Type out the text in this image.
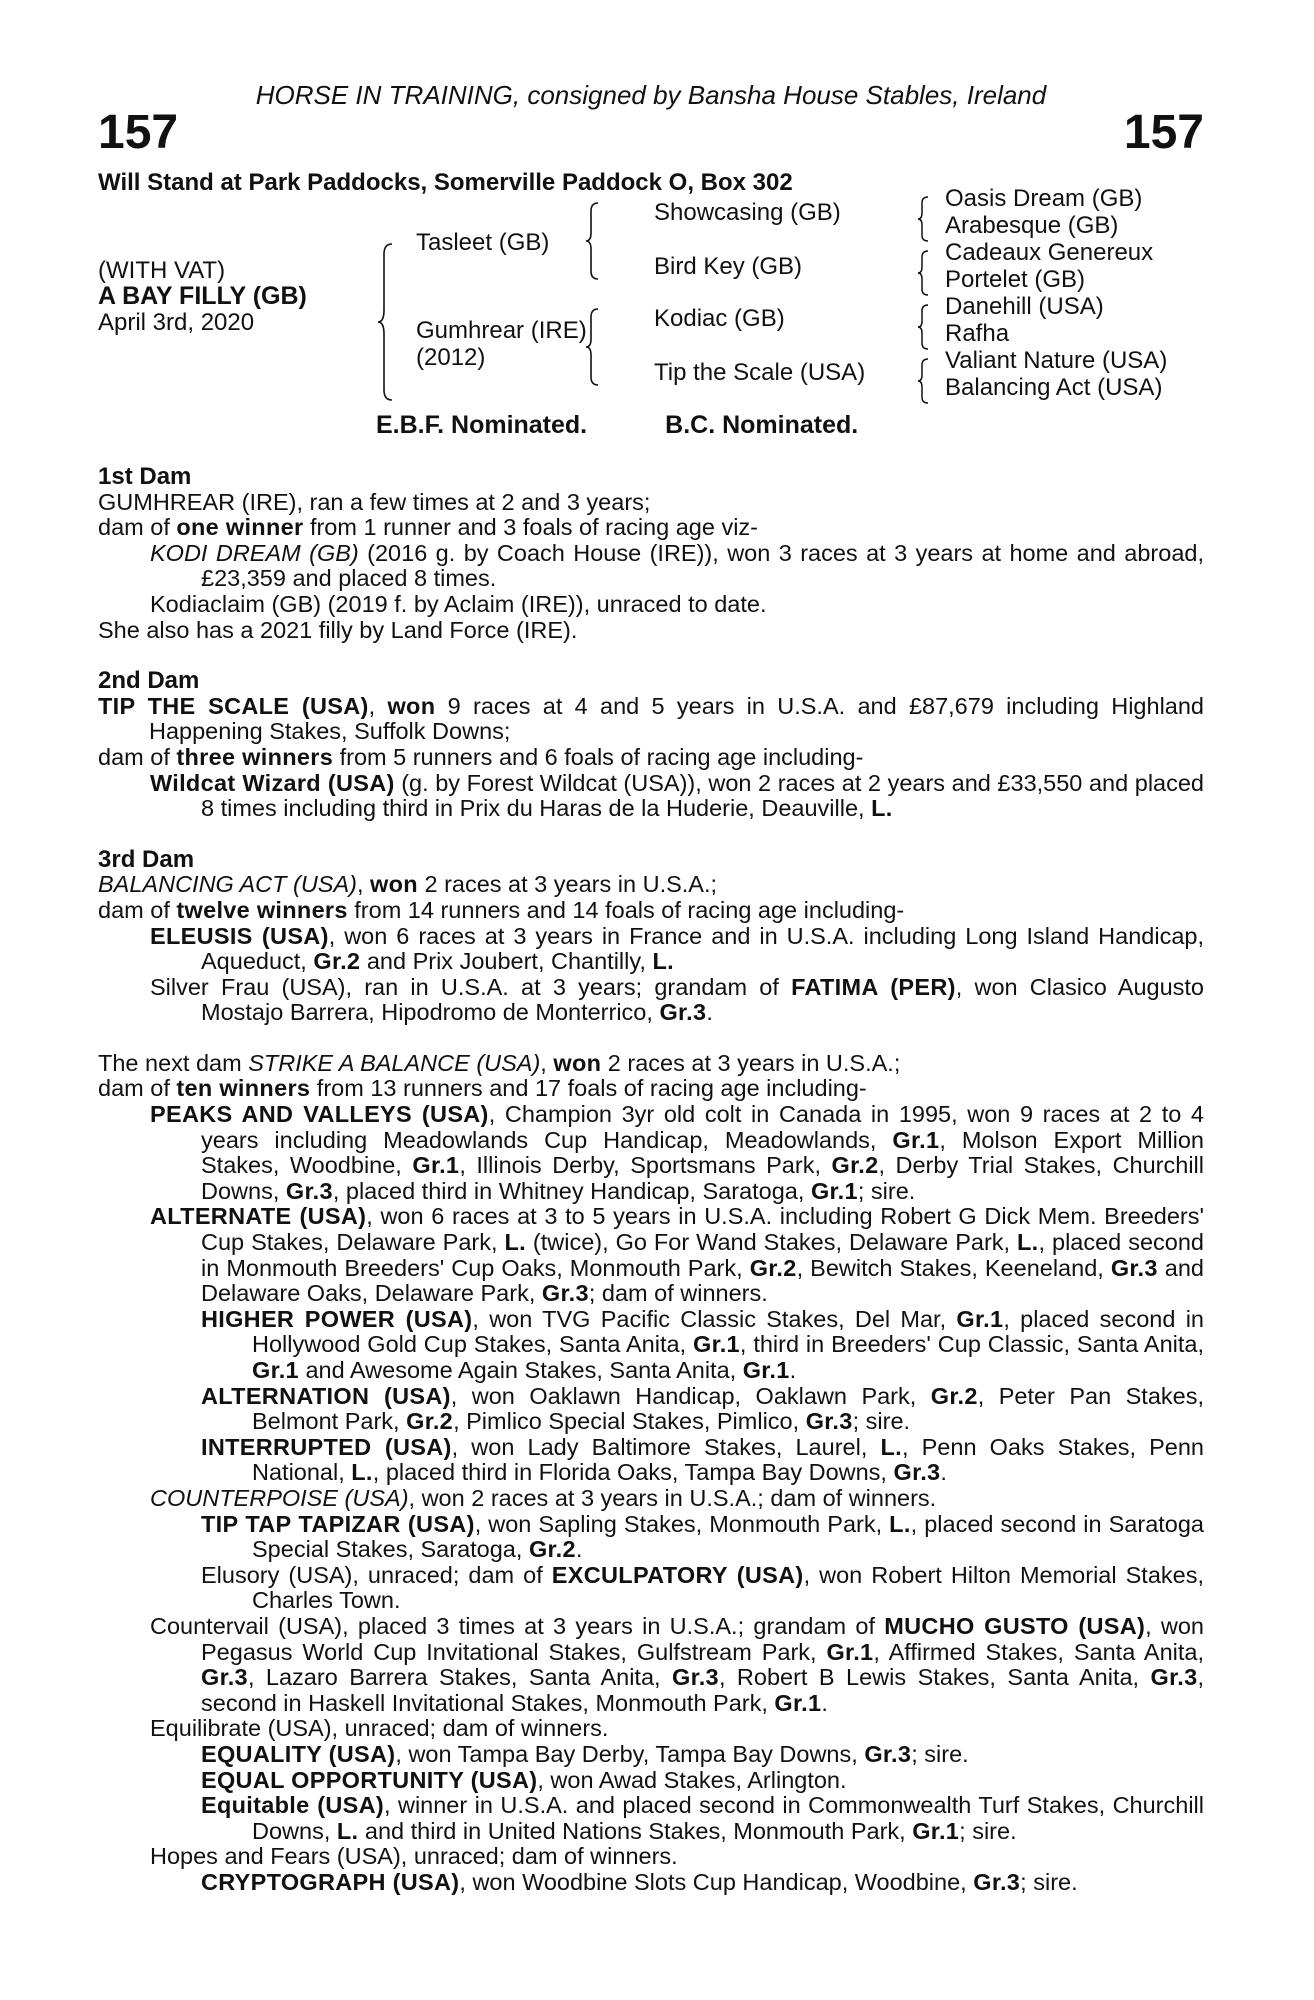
HORSE IN TRAINING, consigned by Bansha House Stables, Ireland
157	157
Will Stand at Park Paddocks, Somerville Paddock O, Box 302
(WITH VAT)
A BAY FILLY (GB)
April 3rd, 2020
Tasleet (GB)
Gumhrear (IRE)
(2012)
Showcasing (GB)
Bird Key (GB)
Kodiac (GB)
Tip the Scale (USA)
Oasis Dream (GB)
Arabesque (GB)
Cadeaux Genereux
Portelet (GB)
Danehill (USA)
Rafha
Valiant Nature (USA)
Balancing Act (USA)
E.B.F. Nominated.	B.C. Nominated.
1st Dam

GUMHREAR (IRE), ran a few times at 2 and 3 years;

dam of one winner from 1 runner and 3 foals of racing age viz-

KODI DREAM (GB) (2016 g. by Coach House (IRE)), won 3 races at 3 years at home and abroad, £23,359 and placed 8 times.

Kodiaclaim (GB) (2019 f. by Aclaim (IRE)), unraced to date.

She also has a 2021 filly by Land Force (IRE).

2nd Dam

TIP THE SCALE (USA), won 9 races at 4 and 5 years in U.S.A. and £87,679 including Highland Happening Stakes, Suffolk Downs;

dam of three winners from 5 runners and 6 foals of racing age including-

Wildcat Wizard (USA) (g. by Forest Wildcat (USA)), won 2 races at 2 years and £33,550 and placed 8 times including third in Prix du Haras de la Huderie, Deauville, L.

3rd Dam

BALANCING ACT (USA), won 2 races at 3 years in U.S.A.;

dam of twelve winners from 14 runners and 14 foals of racing age including-

ELEUSIS (USA), won 6 races at 3 years in France and in U.S.A. including Long Island Handicap, Aqueduct, Gr.2 and Prix Joubert, Chantilly, L.

Silver Frau (USA), ran in U.S.A. at 3 years; grandam of FATIMA (PER), won Clasico Augusto Mostajo Barrera, Hipodromo de Monterrico, Gr.3.

The next dam STRIKE A BALANCE (USA), won 2 races at 3 years in U.S.A.;

dam of ten winners from 13 runners and 17 foals of racing age including-

PEAKS AND VALLEYS (USA), Champion 3yr old colt in Canada in 1995, won 9 races at 2 to 4 years including Meadowlands Cup Handicap, Meadowlands, Gr.1, Molson Export Million Stakes, Woodbine, Gr.1, Illinois Derby, Sportsmans Park, Gr.2, Derby Trial Stakes, Churchill Downs, Gr.3, placed third in Whitney Handicap, Saratoga, Gr.1; sire.

ALTERNATE (USA), won 6 races at 3 to 5 years in U.S.A. including Robert G Dick Mem. Breeders' Cup Stakes, Delaware Park, L. (twice), Go For Wand Stakes, Delaware Park, L., placed second in Monmouth Breeders' Cup Oaks, Monmouth Park, Gr.2, Bewitch Stakes, Keeneland, Gr.3 and Delaware Oaks, Delaware Park, Gr.3; dam of winners.

HIGHER POWER (USA), won TVG Pacific Classic Stakes, Del Mar, Gr.1, placed second in Hollywood Gold Cup Stakes, Santa Anita, Gr.1, third in Breeders' Cup Classic, Santa Anita, Gr.1 and Awesome Again Stakes, Santa Anita, Gr.1.

ALTERNATION (USA), won Oaklawn Handicap, Oaklawn Park, Gr.2, Peter Pan Stakes, Belmont Park, Gr.2, Pimlico Special Stakes, Pimlico, Gr.3; sire.

INTERRUPTED (USA), won Lady Baltimore Stakes, Laurel, L., Penn Oaks Stakes, Penn National, L., placed third in Florida Oaks, Tampa Bay Downs, Gr.3.

COUNTERPOISE (USA), won 2 races at 3 years in U.S.A.; dam of winners.

TIP TAP TAPIZAR (USA), won Sapling Stakes, Monmouth Park, L., placed second in Saratoga Special Stakes, Saratoga, Gr.2.

Elusory (USA), unraced; dam of EXCULPATORY (USA), won Robert Hilton Memorial Stakes, Charles Town.

Countervail (USA), placed 3 times at 3 years in U.S.A.; grandam of MUCHO GUSTO (USA), won Pegasus World Cup Invitational Stakes, Gulfstream Park, Gr.1, Affirmed Stakes, Santa Anita, Gr.3, Lazaro Barrera Stakes, Santa Anita, Gr.3, Robert B Lewis Stakes, Santa Anita, Gr.3, second in Haskell Invitational Stakes, Monmouth Park, Gr.1.

Equilibrate (USA), unraced; dam of winners.

EQUALITY (USA), won Tampa Bay Derby, Tampa Bay Downs, Gr.3; sire.

EQUAL OPPORTUNITY (USA), won Awad Stakes, Arlington.

Equitable (USA), winner in U.S.A. and placed second in Commonwealth Turf Stakes, Churchill Downs, L. and third in United Nations Stakes, Monmouth Park, Gr.1; sire.

Hopes and Fears (USA), unraced; dam of winners.

CRYPTOGRAPH (USA), won Woodbine Slots Cup Handicap, Woodbine, Gr.3; sire.
